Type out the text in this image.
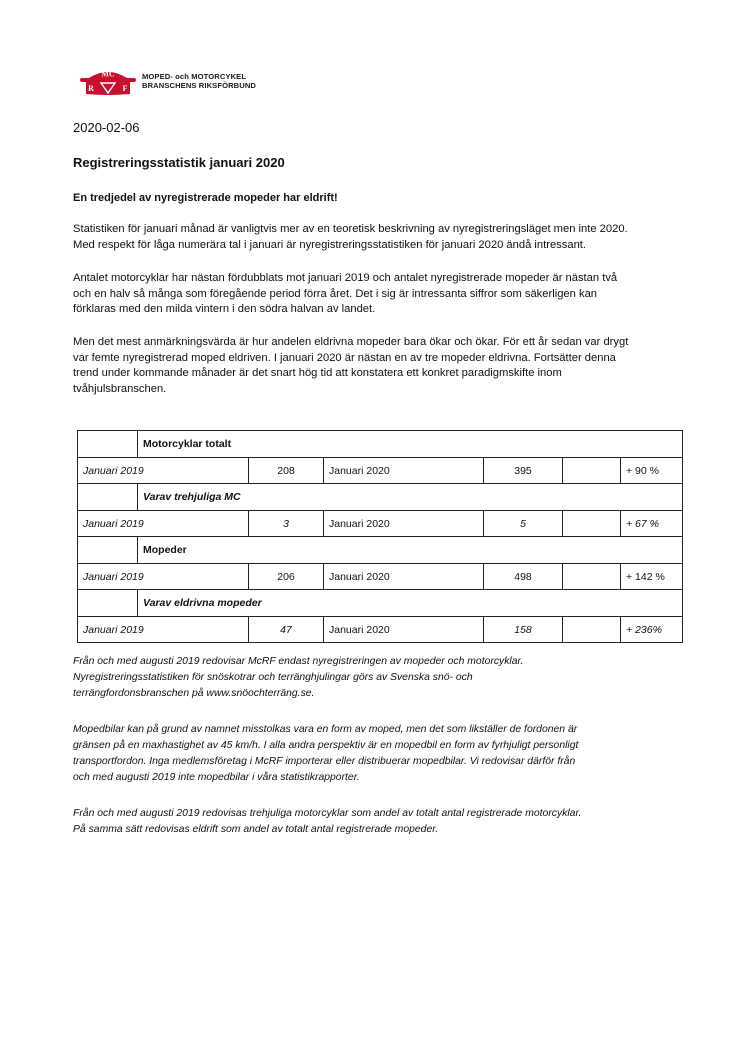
MC
R	F
MOPED- och MOTORCYKEL
BRANSCHENS RIKSFÖRBUND
2020-02-06
Registreringsstatistik januari 2020
En tredjedel av nyregistrerade mopeder har eldrift!
Statistiken för januari månad är vanligtvis mer av en teoretisk beskrivning av nyregistreringsläget men inte 2020.
Med respekt för låga numerära tal i januari är nyregistreringsstatistiken för januari 2020 ändå intressant.
Antalet motorcyklar har nästan fördubblats mot januari 2019 och antalet nyregistrerade mopeder är nästan två
och en halv så många som föregående period förra året. Det i sig är intressanta siffror som säkerligen kan
förklaras med den milda vintern i den södra halvan av landet.
Men det mest anmärkningsvärda är hur andelen eldrivna mopeder bara ökar och ökar. För ett år sedan var drygt
var femte nyregistrerad moped eldriven. I januari 2020 är nästan en av tre mopeder eldrivna. Fortsätter denna
trend under kommande månader är det snart hög tid att konstatera ett konkret paradigmskifte inom
tvåhjulsbranschen.
	Motorcyklar totalt					
Januari 2019		208	Januari 2020	395		+ 90 %
	Varav trehjuliga MC					
Januari 2019		3	Januari 2020	5		+ 67 %
	Mopeder					
Januari 2019		206	Januari 2020	498		+ 142 %
	Varav eldrivna mopeder					
Januari 2019		47	Januari 2020	158		+ 236%
Från och med augusti 2019 redovisar McRF endast nyregistreringen av mopeder och motorcyklar.
Nyregistreringsstatistiken för snöskotrar och terränghjulingar görs av Svenska snö- och
terrängfordonsbranschen på www.snöochterräng.se.
Mopedbilar kan på grund av namnet misstolkas vara en form av moped, men det som likställer de fordonen är
gränsen på en maxhastighet av 45 km/h. I alla andra perspektiv är en mopedbil en form av fyrhjuligt personligt
transportfordon. Inga medlemsföretag i McRF importerar eller distribuerar mopedbilar. Vi redovisar därför från
och med augusti 2019 inte mopedbilar i våra statistikrapporter.
Från och med augusti 2019 redovisas trehjuliga motorcyklar som andel av totalt antal registrerade motorcyklar.
På samma sätt redovisas eldrift som andel av totalt antal registrerade mopeder.
